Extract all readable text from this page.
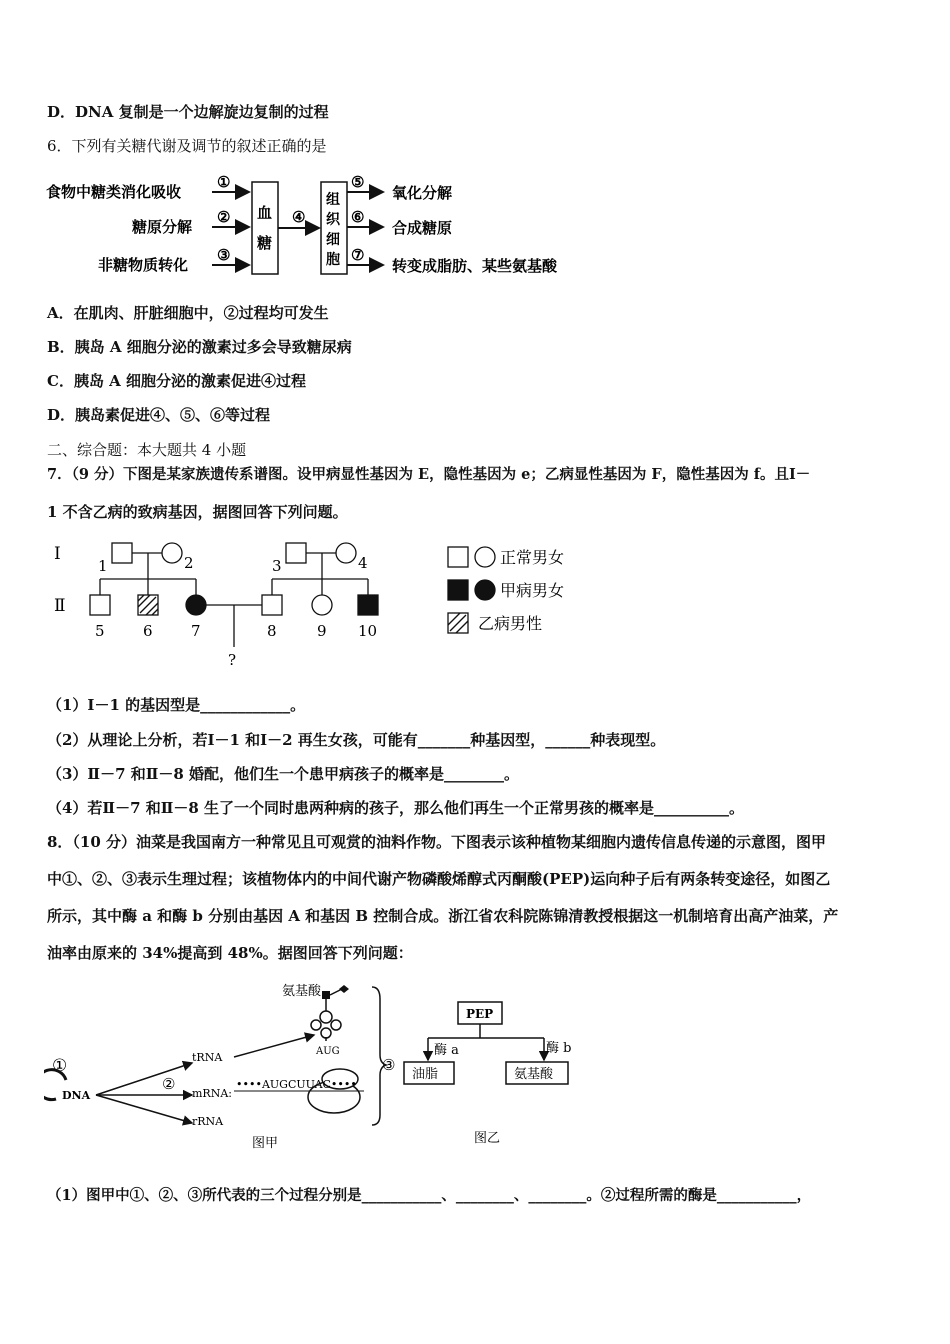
D．DNA 复制是一个边解旋边复制的过程
6．下列有关糖代谢及调节的叙述正确的是
食物中糖类消化吸收
糖原分解
非糖物质转化
①
②
③
血
糖
④
组
织
细
胞
⑤
⑥
⑦
氧化分解
合成糖原
转变成脂肪、某些氨基酸
A．在肌肉、肝脏细胞中，②过程均可发生
B．胰岛 A 细胞分泌的激素过多会导致糖尿病
C．胰岛 A 细胞分泌的激素促进④过程
D．胰岛素促进④、⑤、⑥等过程
二、综合题：本大题共 4 小题
7．（9 分）下图是某家族遗传系谱图。设甲病显性基因为 E，隐性基因为 e；乙病显性基因为 F，隐性基因为 f。且Ⅰ－
1 不含乙病的致病基因，据图回答下列问题。
Ⅰ
Ⅱ
1	2	3	4
5	6	7	8	9 10
?
正常男女
甲病男女
乙病男性
（1）Ⅰ－1 的基因型是____________。
（2）从理论上分析，若Ⅰ－1 和Ⅰ－2 再生女孩，可能有_______种基因型，______种表现型。
（3）Ⅱ－7 和Ⅱ－8 婚配，他们生一个患甲病孩子的概率是________。
（4）若Ⅱ－7 和Ⅱ－8 生了一个同时患两种病的孩子，那么他们再生一个正常男孩的概率是__________。
8．（10 分）油菜是我国南方一种常见且可观赏的油料作物。下图表示该种植物某细胞内遗传信息传递的示意图，图甲
中①、②、③表示生理过程；该植物体内的中间代谢产物磷酸烯醇式丙酮酸(PEP)运向种子后有两条转变途径，如图乙
所示，其中酶 a 和酶 b 分别由基因 A 和基因 B 控制合成。浙江省农科院陈锦清教授根据这一机制培育出高产油菜，产
油率由原来的 34%提高到 48%。据图回答下列问题：
氨基酸
AUG
③
①
DNA
②
tRNA
mRNA:
rRNA
••••AUGCUUAC••••
图甲
PEP
酶 a	酶 b
油脂	氨基酸
图乙
（1）图甲中①、②、③所代表的三个过程分别是___________、________、________。②过程所需的酶是___________，
